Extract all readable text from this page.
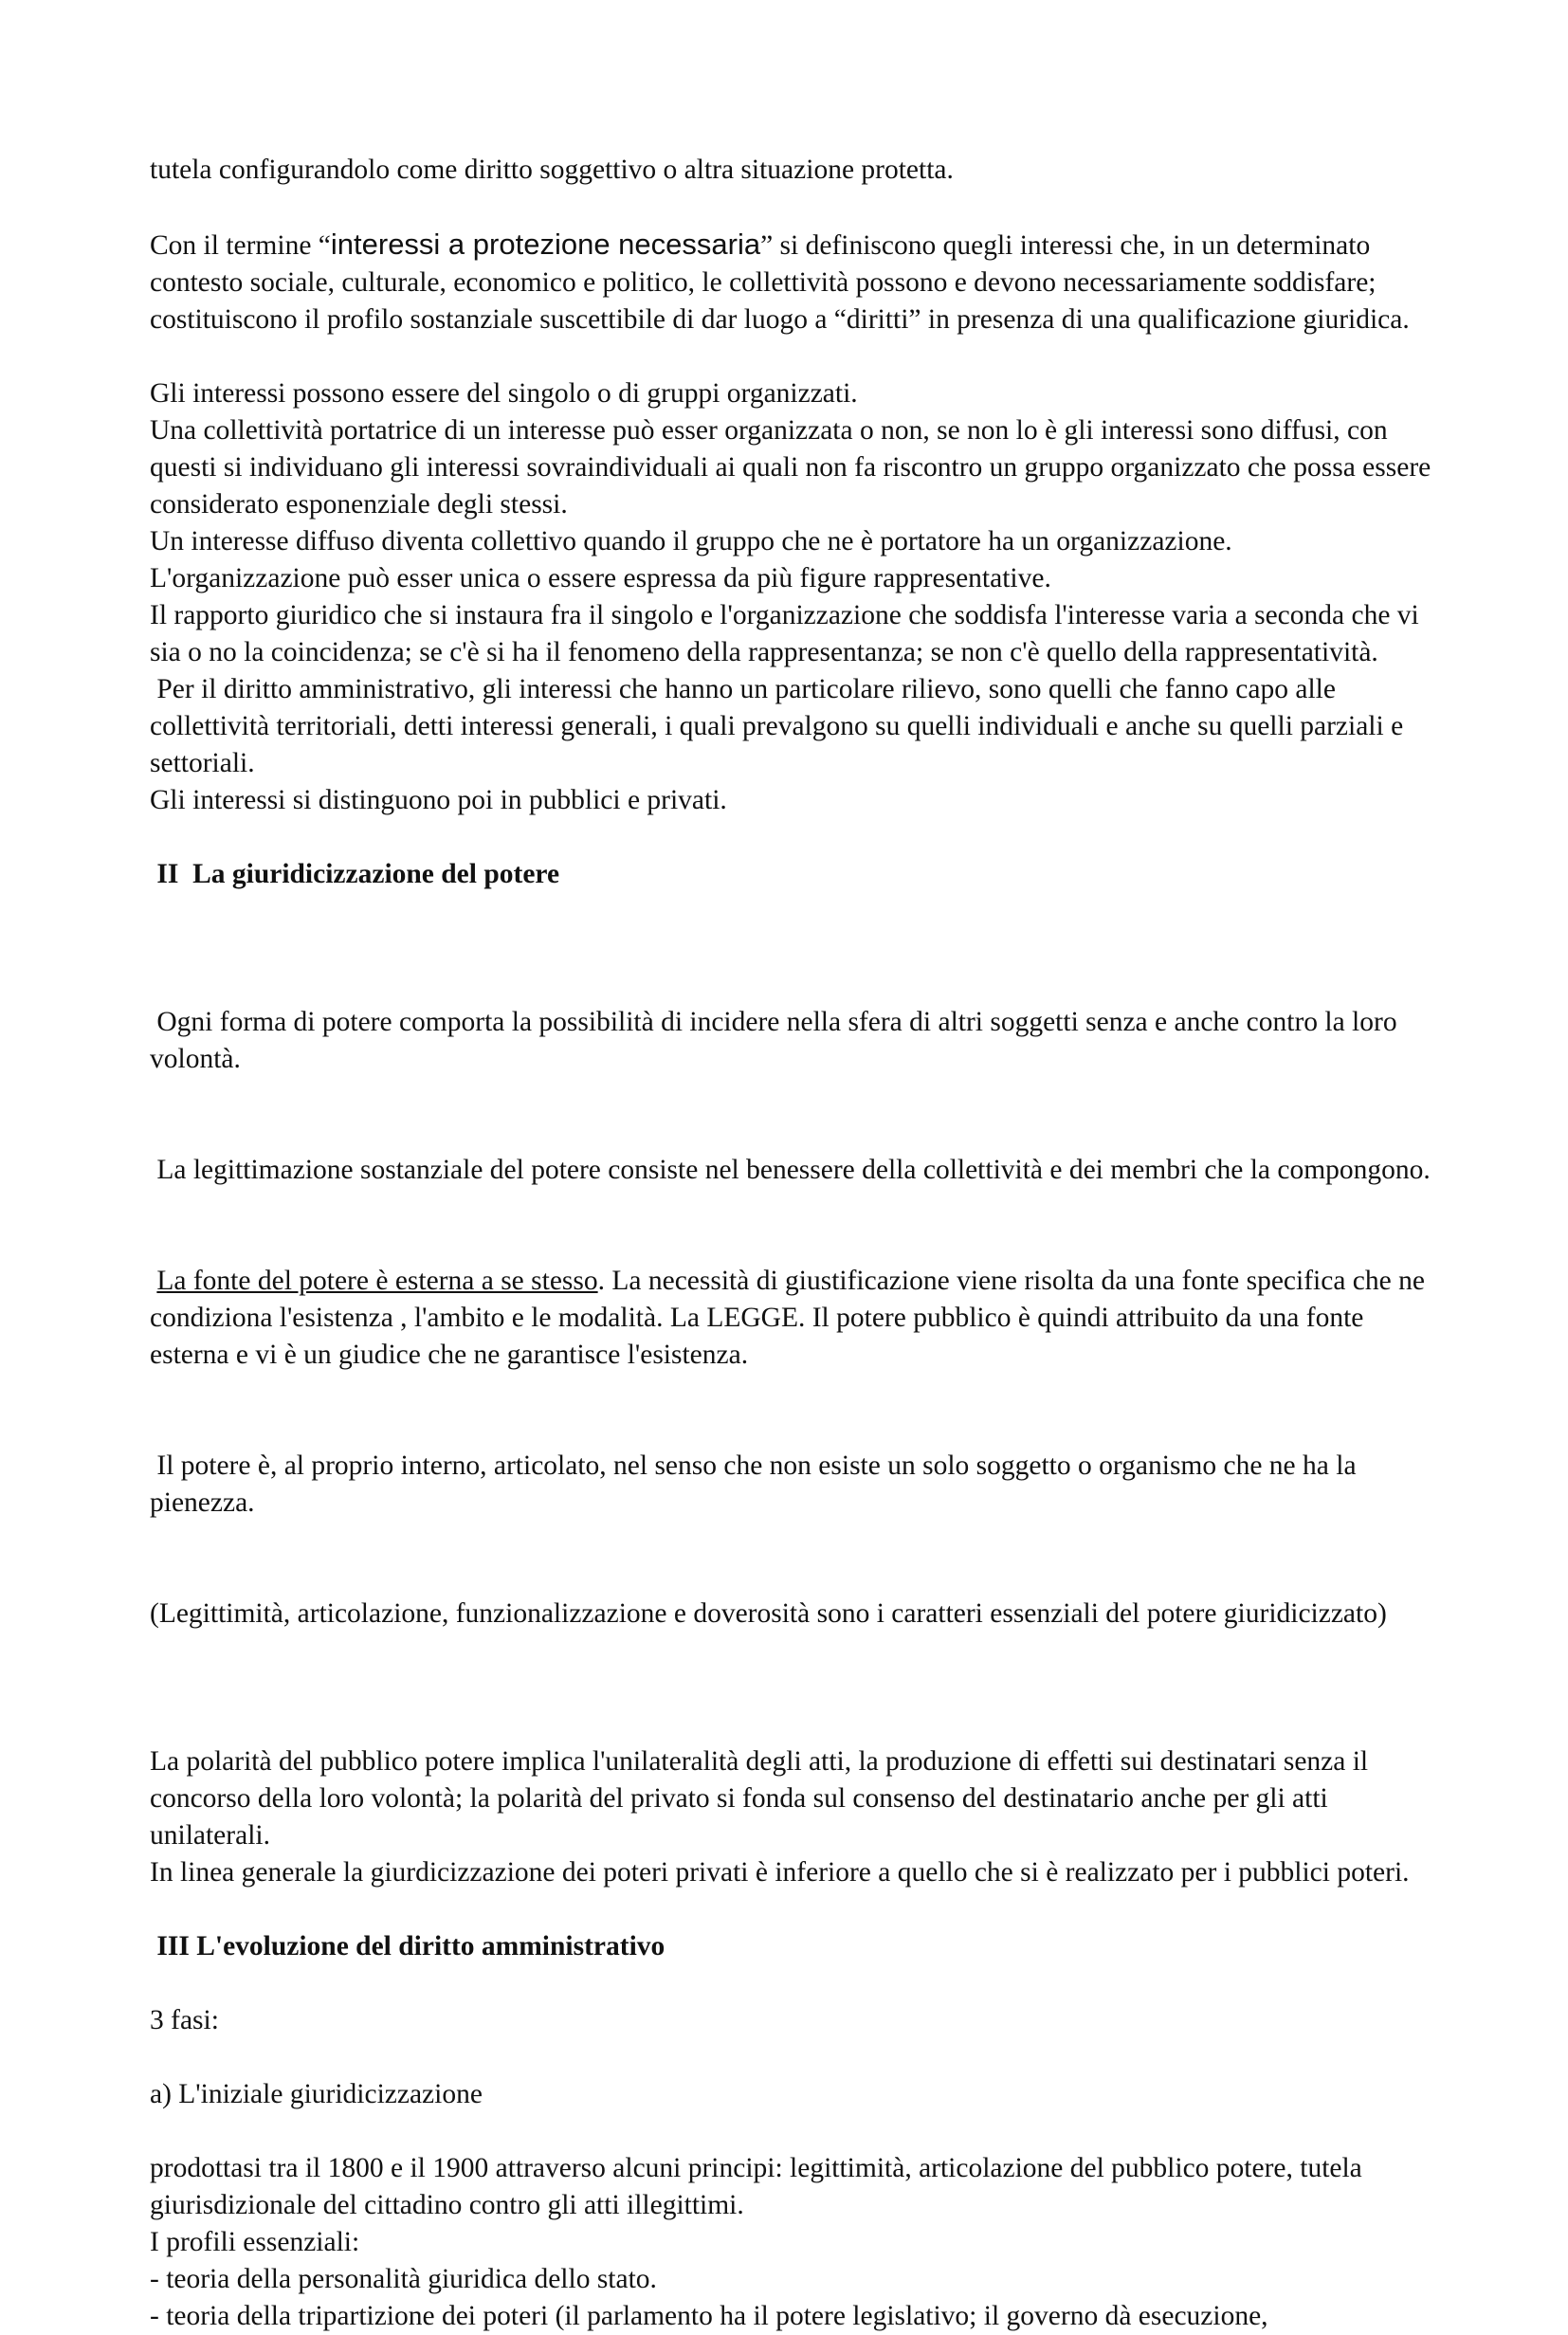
tutela configurandolo come diritto soggettivo o altra situazione protetta.

Con il termine “interessi a protezione necessaria” si definiscono quegli interessi che, in un determinato contesto sociale, culturale, economico e politico, le collettività possono e devono necessariamente soddisfare; costituiscono il profilo sostanziale suscettibile di dar luogo a “diritti” in presenza di una qualificazione giuridica.

Gli interessi possono essere del singolo o di gruppi organizzati.

Una collettività portatrice di un interesse può esser organizzata o non, se non lo è gli interessi sono diffusi, con questi si individuano gli interessi sovraindividuali ai quali non fa riscontro un gruppo organizzato che possa essere considerato esponenziale degli stessi.

Un interesse diffuso diventa collettivo quando il gruppo che ne è portatore ha un organizzazione.

L'organizzazione può esser unica o essere espressa da più figure rappresentative.

Il rapporto giuridico che si instaura fra il singolo e l'organizzazione che soddisfa l'interesse varia a seconda che vi sia o no la coincidenza; se c'è si ha il fenomeno della rappresentanza; se non c'è quello della rappresentatività.

Per il diritto amministrativo, gli interessi che hanno un particolare rilievo, sono quelli che fanno capo alle collettività territoriali, detti interessi generali, i quali prevalgono su quelli individuali e anche su quelli parziali e settoriali.

Gli interessi si distinguono poi in pubblici e privati.

II  La giuridicizzazione del potere

Ogni forma di potere comporta la possibilità di incidere nella sfera di altri soggetti senza e anche contro la loro volontà.

La legittimazione sostanziale del potere consiste nel benessere della collettività e dei membri che la compongono.

La fonte del potere è esterna a se stesso. La necessità di giustificazione viene risolta da una fonte specifica che ne condiziona l'esistenza , l'ambito e le modalità. La LEGGE. Il potere pubblico è quindi attribuito da una fonte esterna e vi è un giudice che ne garantisce l'esistenza.

Il potere è, al proprio interno, articolato, nel senso che non esiste un solo soggetto o organismo che ne ha la pienezza.

(Legittimità, articolazione, funzionalizzazione e doverosità sono i caratteri essenziali del potere giuridicizzato)

La polarità del pubblico potere implica l'unilateralità degli atti, la produzione di effetti sui destinatari senza il concorso della loro volontà; la polarità del privato si fonda sul consenso del destinatario anche per gli atti unilaterali.

In linea generale la giurdicizzazione dei poteri privati è inferiore a quello che si è realizzato per i pubblici poteri.

III L'evoluzione del diritto amministrativo

3 fasi:

a) L'iniziale giuridicizzazione

prodottasi tra il 1800 e il 1900 attraverso alcuni principi: legittimità, articolazione del pubblico potere, tutela giurisdizionale del cittadino contro gli atti illegittimi.

I profili essenziali:

- teoria della personalità giuridica dello stato.

- teoria della tripartizione dei poteri (il parlamento ha il potere legislativo; il governo dà esecuzione,
